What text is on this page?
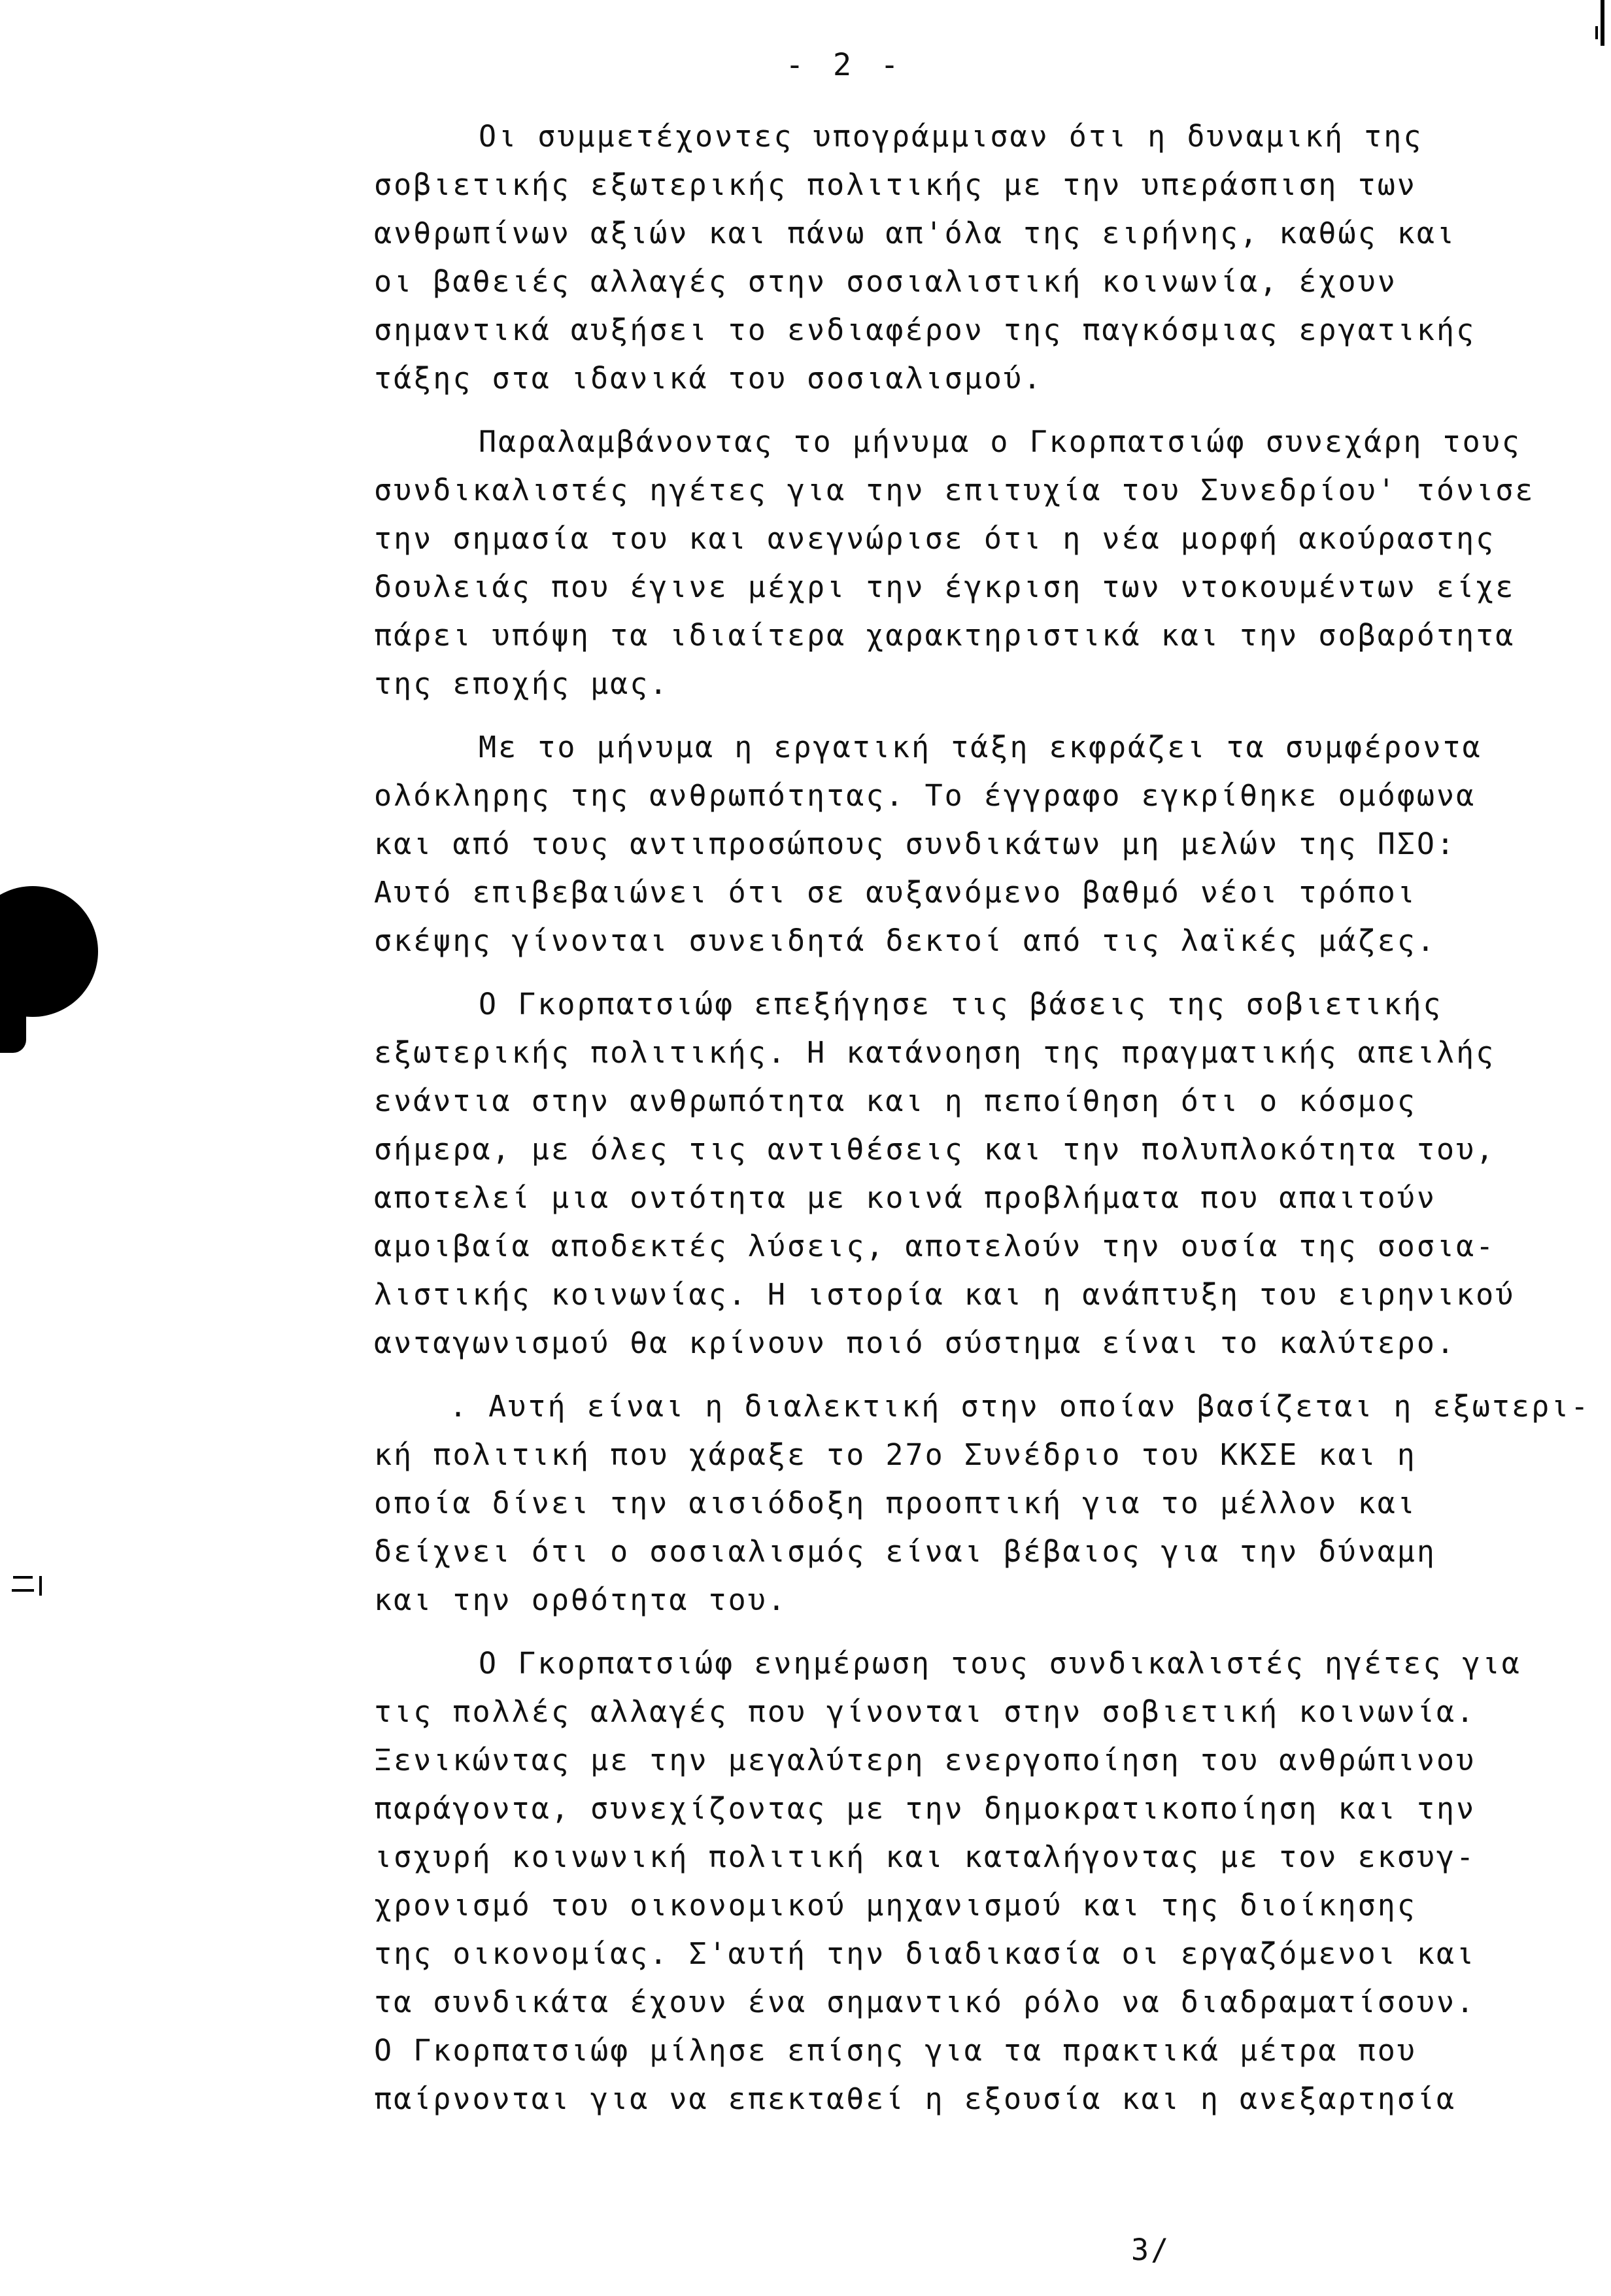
- 2 -
Οι συμμετέχοντες υπογράμμισαν ότι η δυναμική της
σοβιετικής εξωτερικής πολιτικής με την υπεράσπιση των
ανθρωπίνων αξιών και πάνω απ'όλα της ειρήνης, καθώς και
οι βαθειές αλλαγές στην σοσιαλιστική κοινωνία, έχουν
σημαντικά αυξήσει το ενδιαφέρον της παγκόσμιας εργατικής
τάξης στα ιδανικά του σοσιαλισμού.
Παραλαμβάνοντας το μήνυμα ο Γκορπατσιώφ συνεχάρη τους
συνδικαλιστές ηγέτες για την επιτυχία του Συνεδρίου' τόνισε
την σημασία του και ανεγνώρισε ότι η νέα μορφή ακούραστης
δουλειάς που έγινε μέχρι την έγκριση των ντοκουμέντων είχε
πάρει υπόψη τα ιδιαίτερα χαρακτηριστικά και την σοβαρότητα
της εποχής μας.
Με το μήνυμα η εργατική τάξη εκφράζει τα συμφέροντα
ολόκληρης της ανθρωπότητας. Το έγγραφο εγκρίθηκε ομόφωνα
και από τους αντιπροσώπους συνδικάτων μη μελών της ΠΣΟ:
Αυτό επιβεβαιώνει ότι σε αυξανόμενο βαθμό νέοι τρόποι
σκέψης γίνονται συνειδητά δεκτοί από τις λαϊκές μάζες.
Ο Γκορπατσιώφ επεξήγησε τις βάσεις της σοβιετικής
εξωτερικής πολιτικής. Η κατάνοηση της πραγματικής απειλής
ενάντια στην ανθρωπότητα και η πεποίθηση ότι ο κόσμος
σήμερα, με όλες τις αντιθέσεις και την πολυπλοκότητα του,
αποτελεί μια οντότητα με κοινά προβλήματα που απαιτούν
αμοιβαία αποδεκτές λύσεις, αποτελούν την ουσία της σοσια-
λιστικής κοινωνίας. Η ιστορία και η ανάπτυξη του ειρηνικού
ανταγωνισμού θα κρίνουν ποιό σύστημα είναι το καλύτερο.
. Αυτή είναι η διαλεκτική στην οποίαν βασίζεται η εξωτερι-
κή πολιτική που χάραξε το 27ο Συνέδριο του ΚΚΣΕ και η
οποία δίνει την αισιόδοξη προοπτική για το μέλλον και
δείχνει ότι ο σοσιαλισμός είναι βέβαιος για την δύναμη
και την ορθότητα του.
Ο Γκορπατσιώφ ενημέρωση τους συνδικαλιστές ηγέτες για
τις πολλές αλλαγές που γίνονται στην σοβιετική κοινωνία.
Ξενικώντας με την μεγαλύτερη ενεργοποίηση του ανθρώπινου
παράγοντα, συνεχίζοντας με την δημοκρατικοποίηση και την
ισχυρή κοινωνική πολιτική και καταλήγοντας με τον εκσυγ-
χρονισμό του οικονομικού μηχανισμού και της διοίκησης
της οικονομίας. Σ'αυτή την διαδικασία οι εργαζόμενοι και
τα συνδικάτα έχουν ένα σημαντικό ρόλο να διαδραματίσουν.
Ο Γκορπατσιώφ μίλησε επίσης για τα πρακτικά μέτρα που
παίρνονται για να επεκταθεί η εξουσία και η ανεξαρτησία
3/
